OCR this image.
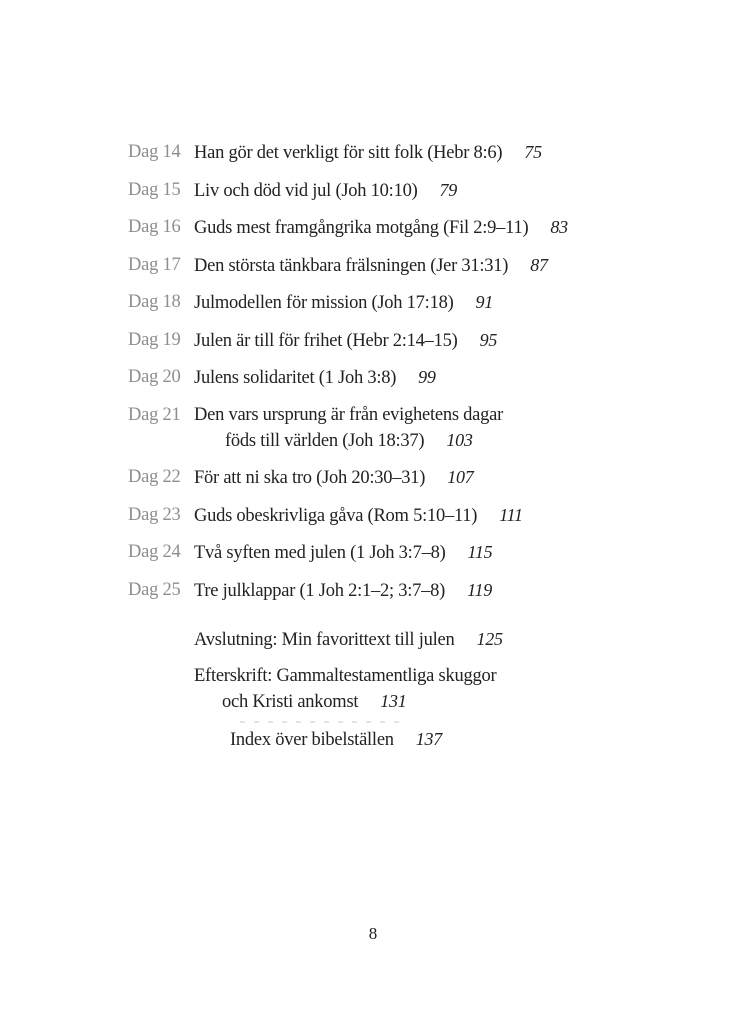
Dag 14 Han gör det verkligt för sitt folk (Hebr 8:6) 75
Dag 15 Liv och död vid jul (Joh 10:10) 79
Dag 16 Guds mest framgångrika motgång (Fil 2:9–11) 83
Dag 17 Den största tänkbara frälsningen (Jer 31:31) 87
Dag 18 Julmodellen för mission (Joh 17:18) 91
Dag 19 Julen är till för frihet (Hebr 2:14–15) 95
Dag 20 Julens solidaritet (1 Joh 3:8) 99
Dag 21 Den vars ursprung är från evighetens dagar
föds till världen (Joh 18:37) 103
Dag 22 För att ni ska tro (Joh 20:30–31) 107
Dag 23 Guds obeskrivliga gåva (Rom 5:10–11) 111
Dag 24 Två syften med julen (1 Joh 3:7–8) 115
Dag 25 Tre julklappar (1 Joh 2:1–2; 3:7–8) 119
Avslutning: Min favorittext till julen 125
Efterskrift: Gammaltestamentliga skuggor
och Kristi ankomst 131
Index över bibelställen 137
8
